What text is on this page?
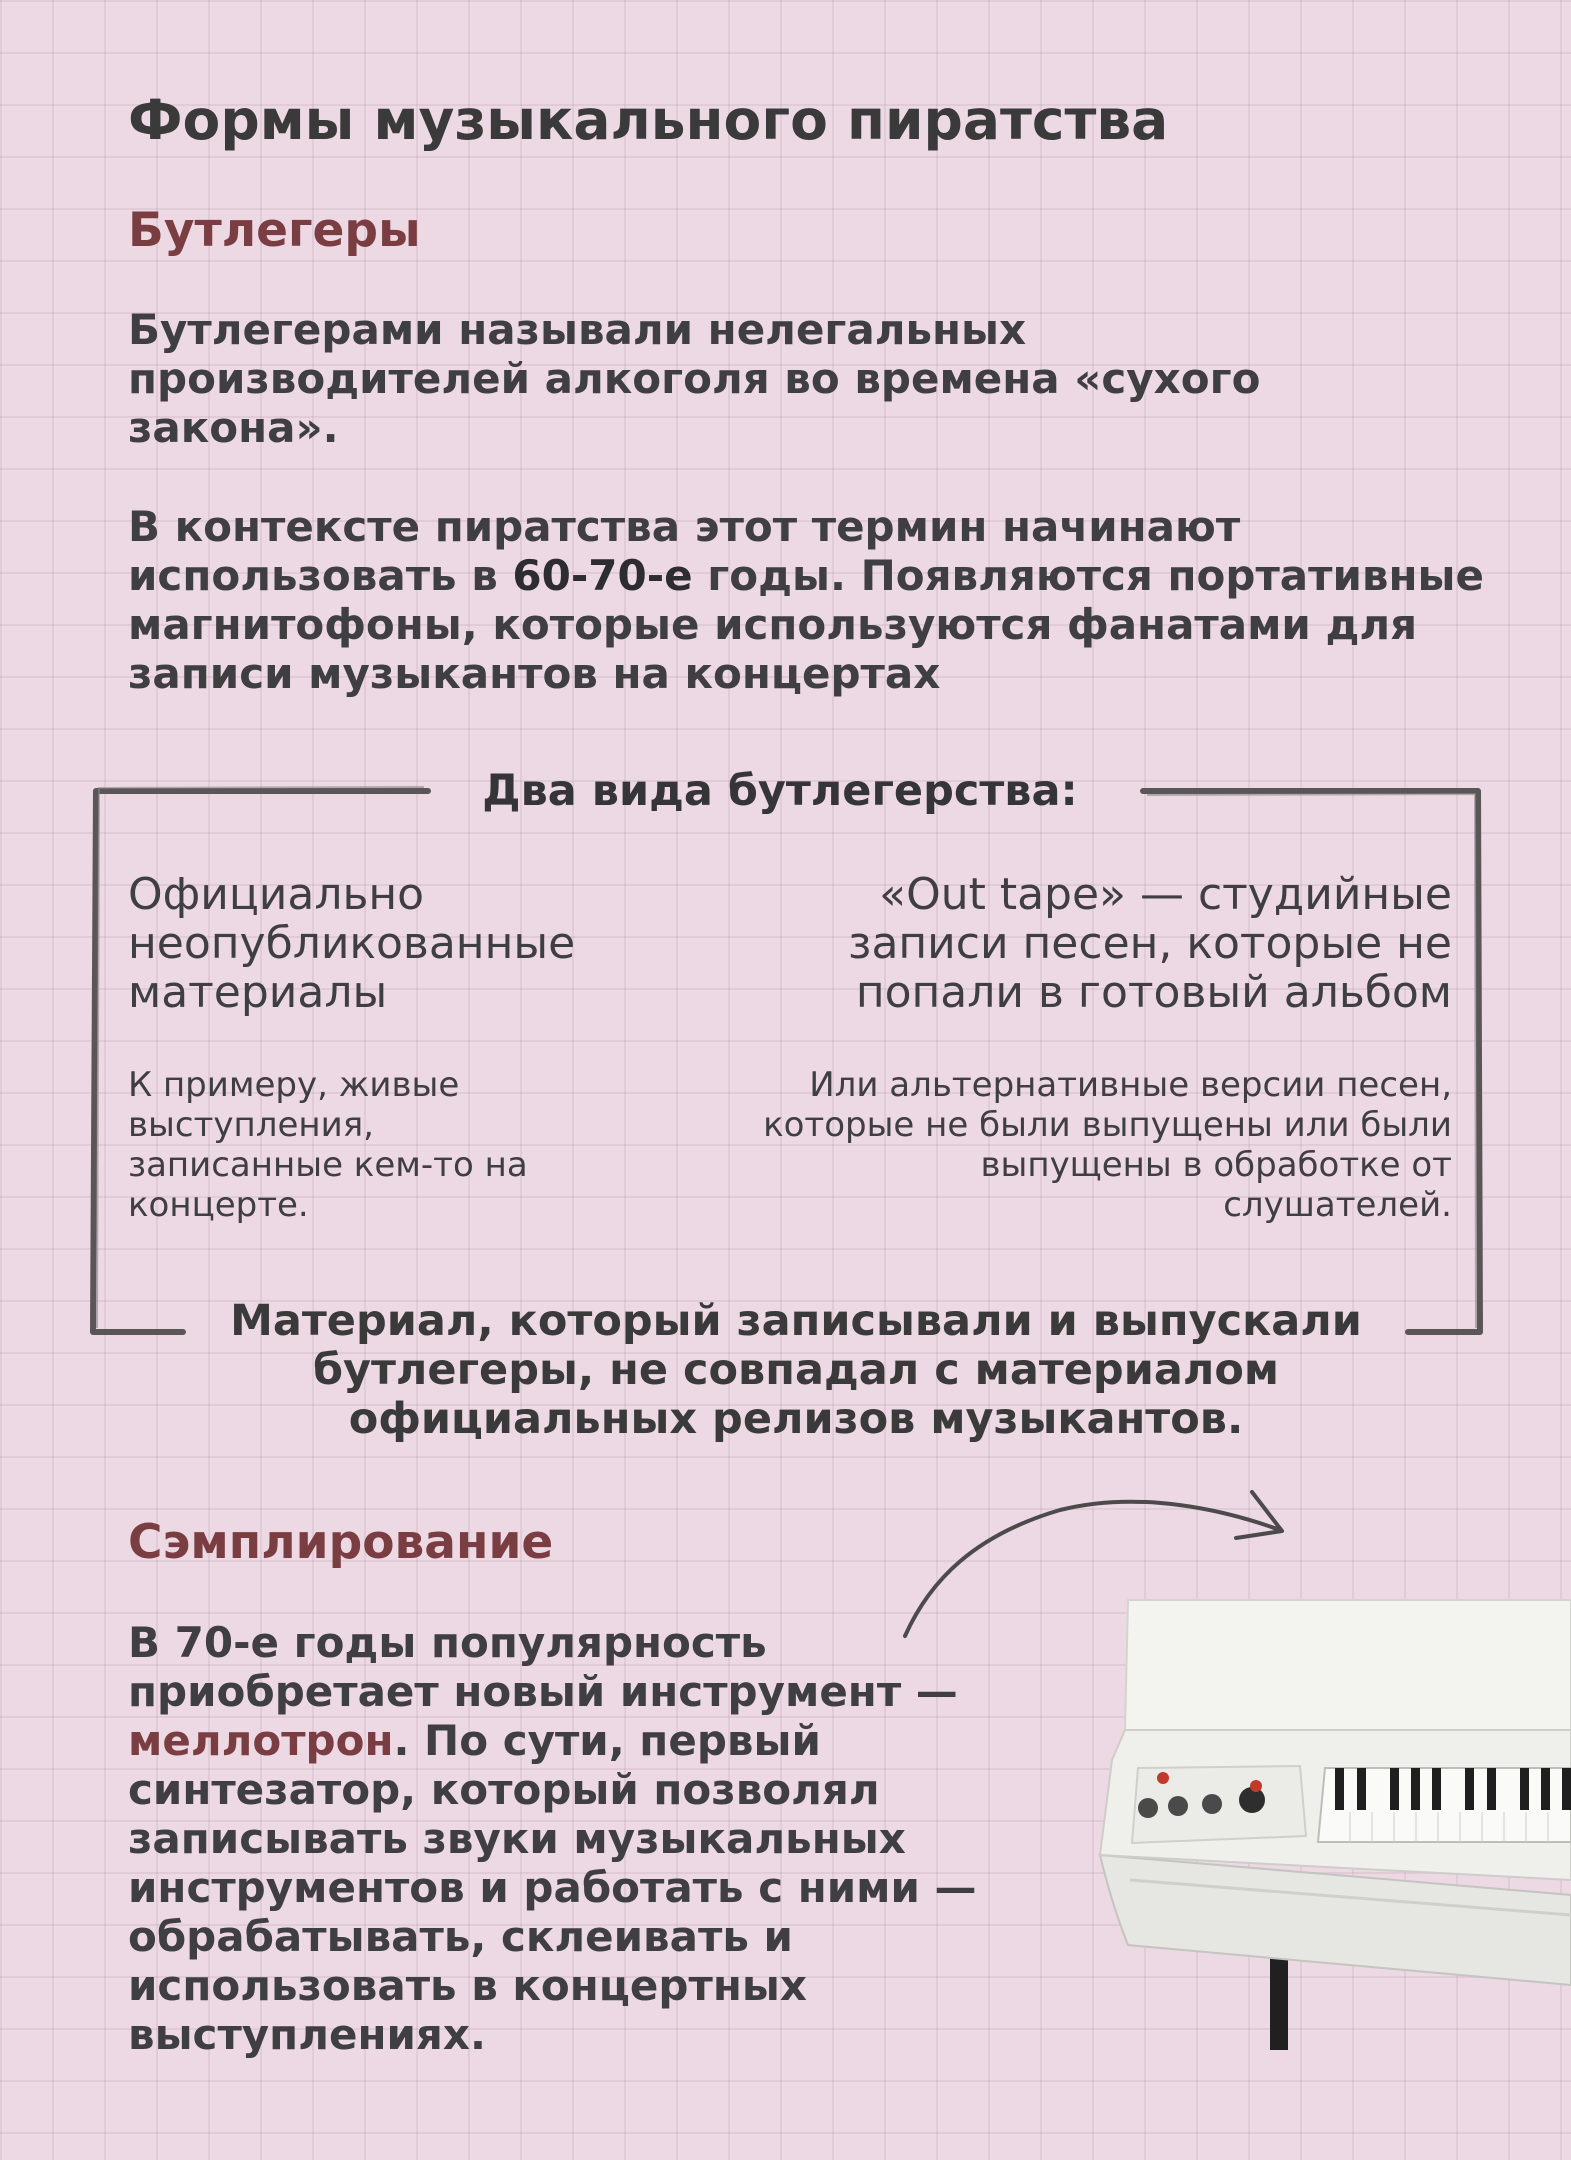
Формы музыкального пиратства
Бутлегеры

Бутлегерами называли нелегальных производителей алкоголя во времена «сухого закона».

В контексте пиратства этот термин начинают использовать в 60-70-е годы. Появляются портативные магнитофоны, которые используются фанатами для записи музыкантов на концертах

Два вида бутлегерства:
Официально неопубликованные материалы
К примеру, живые выступления, записанные кем-то на концерте.
«Out tape» — студийные записи песен, которые не попали в готовый альбом
Или альтернативные версии песен, которые не были выпущены или были выпущены в обработке от слушателей.
Материал, который записывали и выпускали бутлегеры, не совпадал с материалом официальных релизов музыкантов.
Сэмплирование

В 70-е годы популярность приобретает новый инструмент — меллотрон. По сути, первый синтезатор, который позволял записывать звуки музыкальных инструментов и работать с ними — обрабатывать, склеивать и использовать в концертных выступлениях.
